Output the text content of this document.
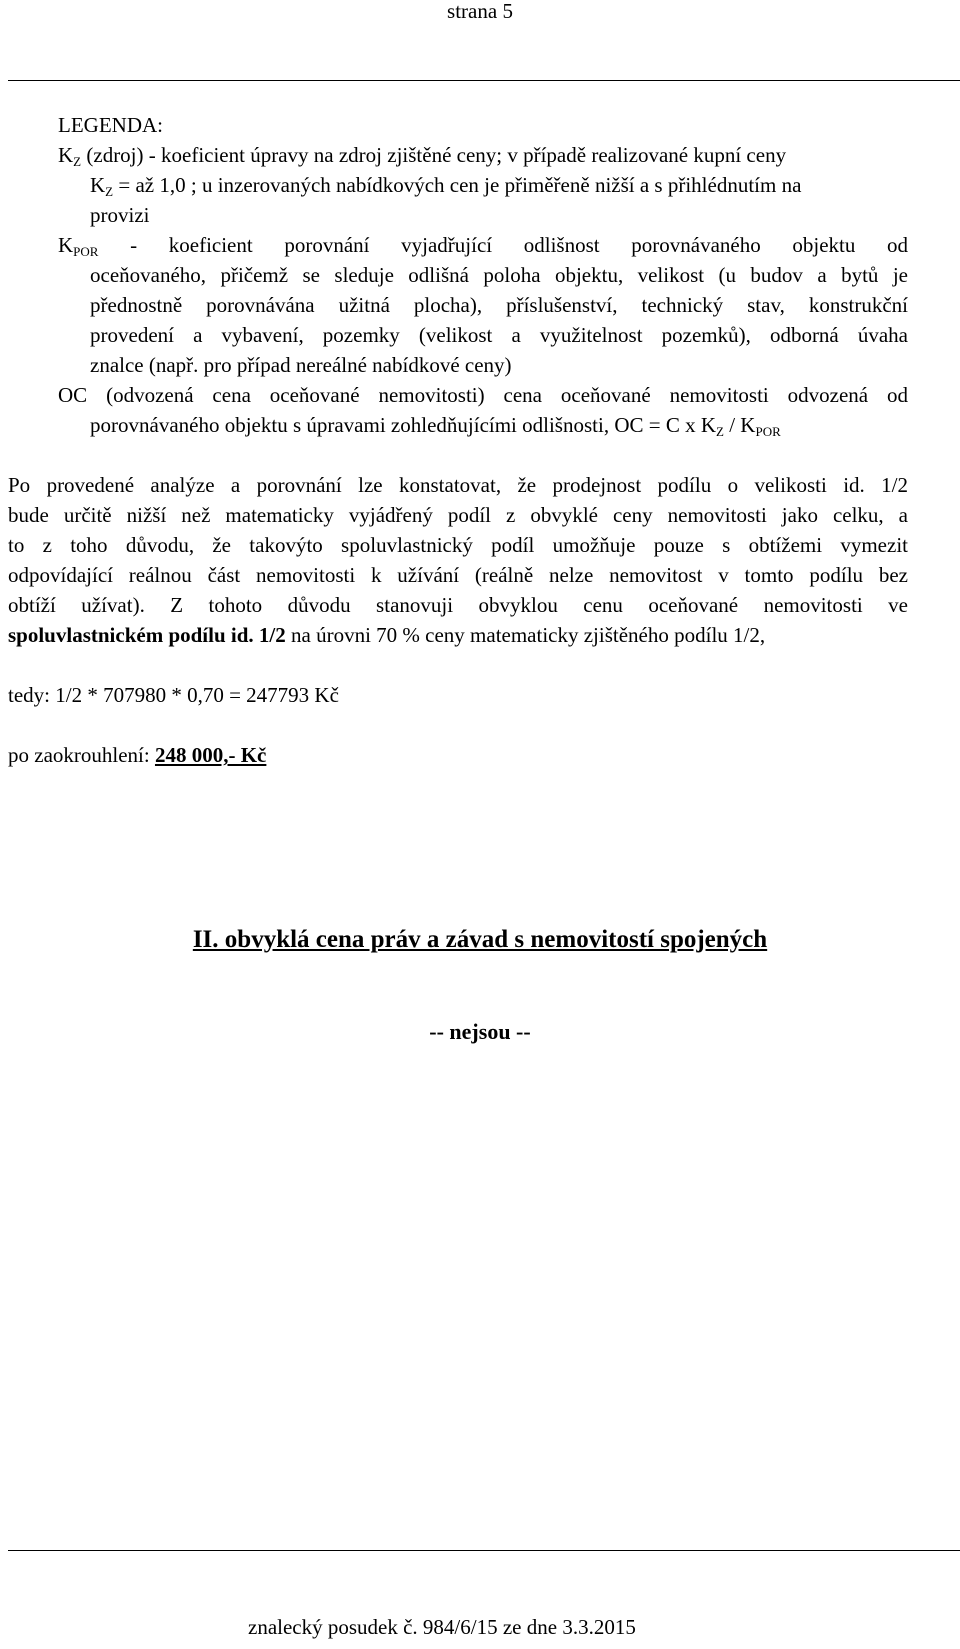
strana 5
LEGENDA:
$K_Z$ (zdroj) - koeficient úpravy na zdroj zjištěné ceny; v případě realizované kupní ceny
$K_Z$ = až 1,0 ; u inzerovaných nabídkových cen je přiměřeně nižší a s přihlédnutím na
provizi
$K_{POR}$ - koeficient porovnání vyjadřující odlišnost porovnávaného objektu od
oceňovaného, přičemž se sleduje odlišná poloha objektu, velikost (u budov a bytů je
přednostně porovnávána užitná plocha), příslušenství, technický stav, konstrukční
provedení a vybavení, pozemky (velikost a využitelnost pozemků), odborná úvaha
znalce (např. pro případ nereálné nabídkové ceny)
OC (odvozená cena oceňované nemovitosti) cena oceňované nemovitosti odvozená od
porovnávaného objektu s úpravami zohledňujícími odlišnosti, OC = C x $K_Z / K_{POR}$
Po provedené analýze a porovnání lze konstatovat, že prodejnost podílu o velikosti id. 1/2
bude určitě nižší než matematicky vyjádřený podíl z obvyklé ceny nemovitosti jako celku, a
to z toho důvodu, že takovýto spoluvlastnický podíl umožňuje pouze s obtížemi vymezit
odpovídající reálnou část nemovitosti k užívání (reálně nelze nemovitost v tomto podílu bez
obtíží užívat). Z tohoto důvodu stanovuji obvyklou cenu oceňované nemovitosti ve
spoluvlastnickém podílu id. 1/2 na úrovni 70 % ceny matematicky zjištěného podílu 1/2,
tedy: 1/2 * 707980 * 0,70 = 247793 Kč
po zaokrouhlení: 248 000,- Kč
II. obvyklá cena práv a závad s nemovitostí spojených
-- nejsou --
znalecký posudek č. 984/6/15 ze dne 3.3.2015
